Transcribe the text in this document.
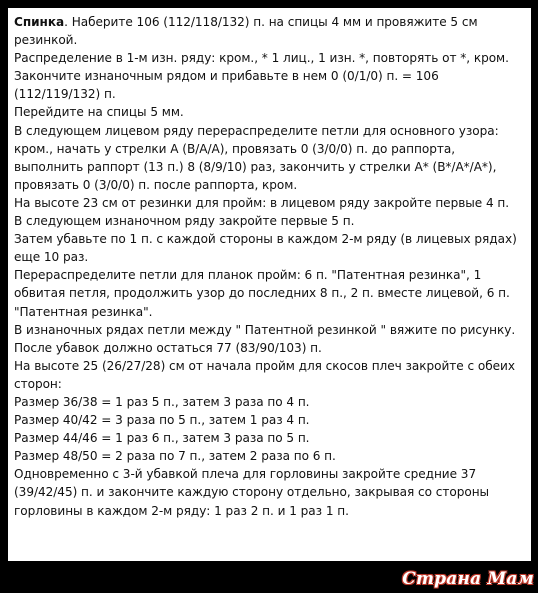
Спинка. Наберите 106 (112/118/132) п. на спицы 4 мм и провяжите 5 см резинкой.

Распределение в 1-м изн. ряду: кром., * 1 лиц., 1 изн. *, повторять от *, кром.

Закончите изнаночным рядом и прибавьте в нем 0 (0/1/0) п. = 106 (112/119/132) п.

Перейдите на спицы 5 мм.

В следующем лицевом ряду перераспределите петли для основного узора: кром., начать у стрелки А (В/А/А), провязать 0 (3/0/0) п. до раппорта, выполнить раппорт (13 п.) 8 (8/9/10) раз, закончить у стрелки А* (В*/А*/А*), провязать 0 (3/0/0) п. после раппорта, кром.

На высоте 23 см от резинки для пройм: в лицевом ряду закройте первые 4 п.

В следующем изнаночном ряду закройте первые 5 п.

Затем убавьте по 1 п. с каждой стороны в каждом 2-м ряду (в лицевых рядах) еще 10 раз.

Перераспределите петли для планок пройм: 6 п. "Патентная резинка", 1 обвитая петля, продолжить узор до последних 8 п., 2 п. вместе лицевой, 6 п. "Патентная резинка".

В изнаночных рядах петли между " Патентной резинкой " вяжите по рисунку.

После убавок должно остаться 77 (83/90/103) п.

На высоте 25 (26/27/28) см от начала пройм для скосов плеч закройте с обеих сторон:

Размер 36/38 = 1 раз 5 п., затем 3 раза по 4 п.

Размер 40/42 = 3 раза по 5 п., затем 1 раз 4 п.

Размер 44/46 = 1 раз 6 п., затем 3 раза по 5 п.

Размер 48/50 = 2 раза по 7 п., затем 2 раза по 6 п.

Одновременно с 3-й убавкой плеча для горловины закройте средние 37 (39/42/45) п. и закончите каждую сторону отдельно, закрывая со стороны горловины в каждом 2-м ряду: 1 раз 2 п. и 1 раз 1 п.

Страна Мам
